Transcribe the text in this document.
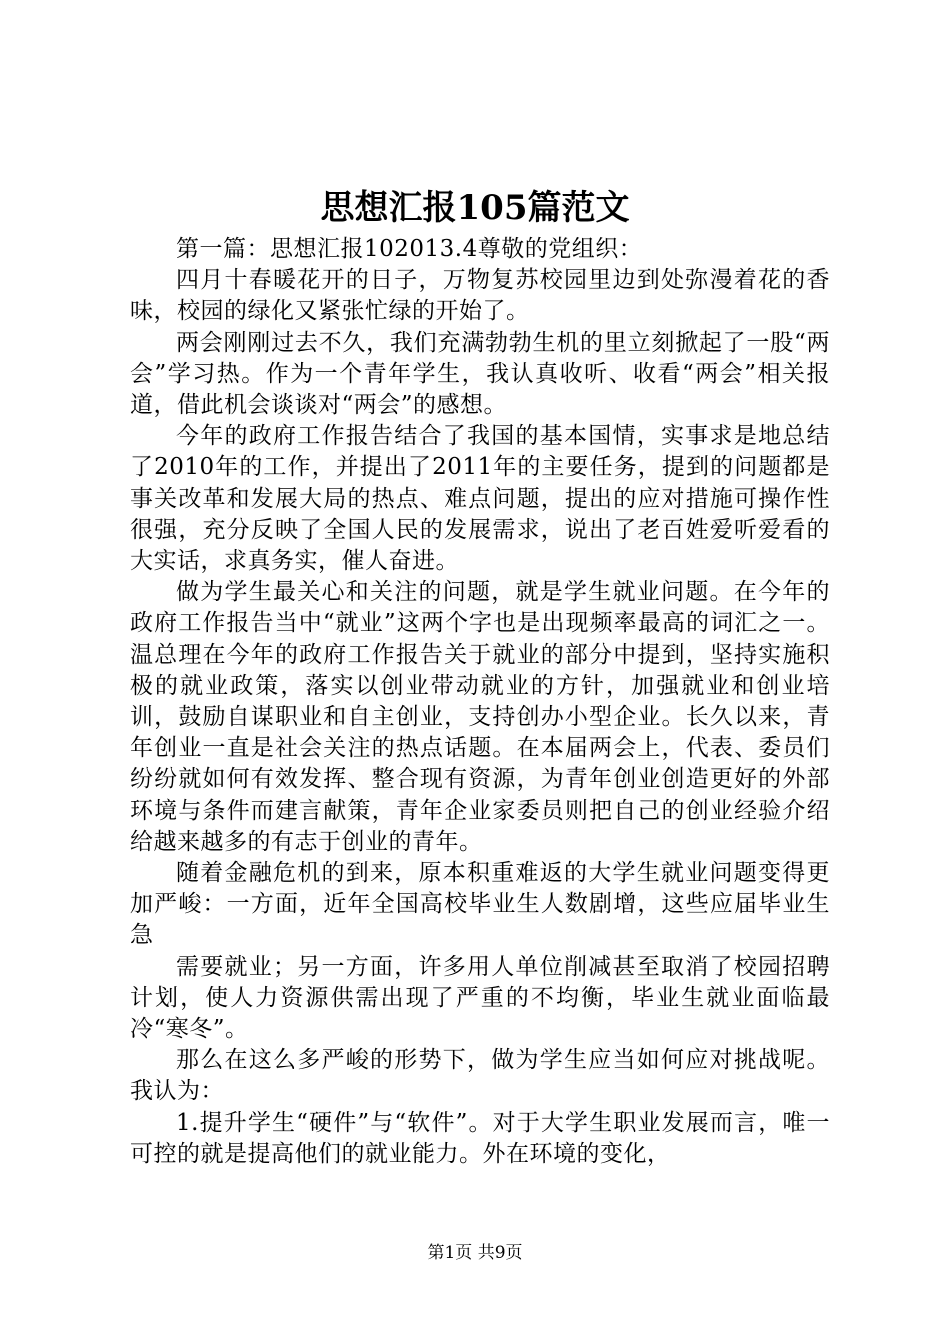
思想汇报105篇范文

第一篇：思想汇报102013.4尊敬的党组织：

四月十春暖花开的日子，万物复苏校园里边到处弥漫着花的香味，校园的绿化又紧张忙绿的开始了。

两会刚刚过去不久，我们充满勃勃生机的里立刻掀起了一股“两会”学习热。作为一个青年学生，我认真收听、收看“两会”相关报道，借此机会谈谈对“两会”的感想。

今年的政府工作报告结合了我国的基本国情，实事求是地总结了2010年的工作，并提出了2011年的主要任务，提到的问题都是事关改革和发展大局的热点、难点问题，提出的应对措施可操作性很强，充分反映了全国人民的发展需求，说出了老百姓爱听爱看的大实话，求真务实，催人奋进。

做为学生最关心和关注的问题，就是学生就业问题。在今年的政府工作报告当中“就业”这两个字也是出现频率最高的词汇之一。温总理在今年的政府工作报告关于就业的部分中提到，坚持实施积极的就业政策，落实以创业带动就业的方针，加强就业和创业培训，鼓励自谋职业和自主创业，支持创办小型企业。长久以来，青年创业一直是社会关注的热点话题。在本届两会上，代表、委员们纷纷就如何有效发挥、整合现有资源，为青年创业创造更好的外部环境与条件而建言献策，青年企业家委员则把自己的创业经验介绍给越来越多的有志于创业的青年。

随着金融危机的到来，原本积重难返的大学生就业问题变得更加严峻：一方面，近年全国高校毕业生人数剧增，这些应届毕业生急

需要就业；另一方面，许多用人单位削减甚至取消了校园招聘计划，使人力资源供需出现了严重的不均衡，毕业生就业面临最冷“寒冬”。

那么在这么多严峻的形势下，做为学生应当如何应对挑战呢。我认为：

1.提升学生“硬件”与“软件”。对于大学生职业发展而言，唯一可控的就是提高他们的就业能力。外在环境的变化，

第1页 共9页
